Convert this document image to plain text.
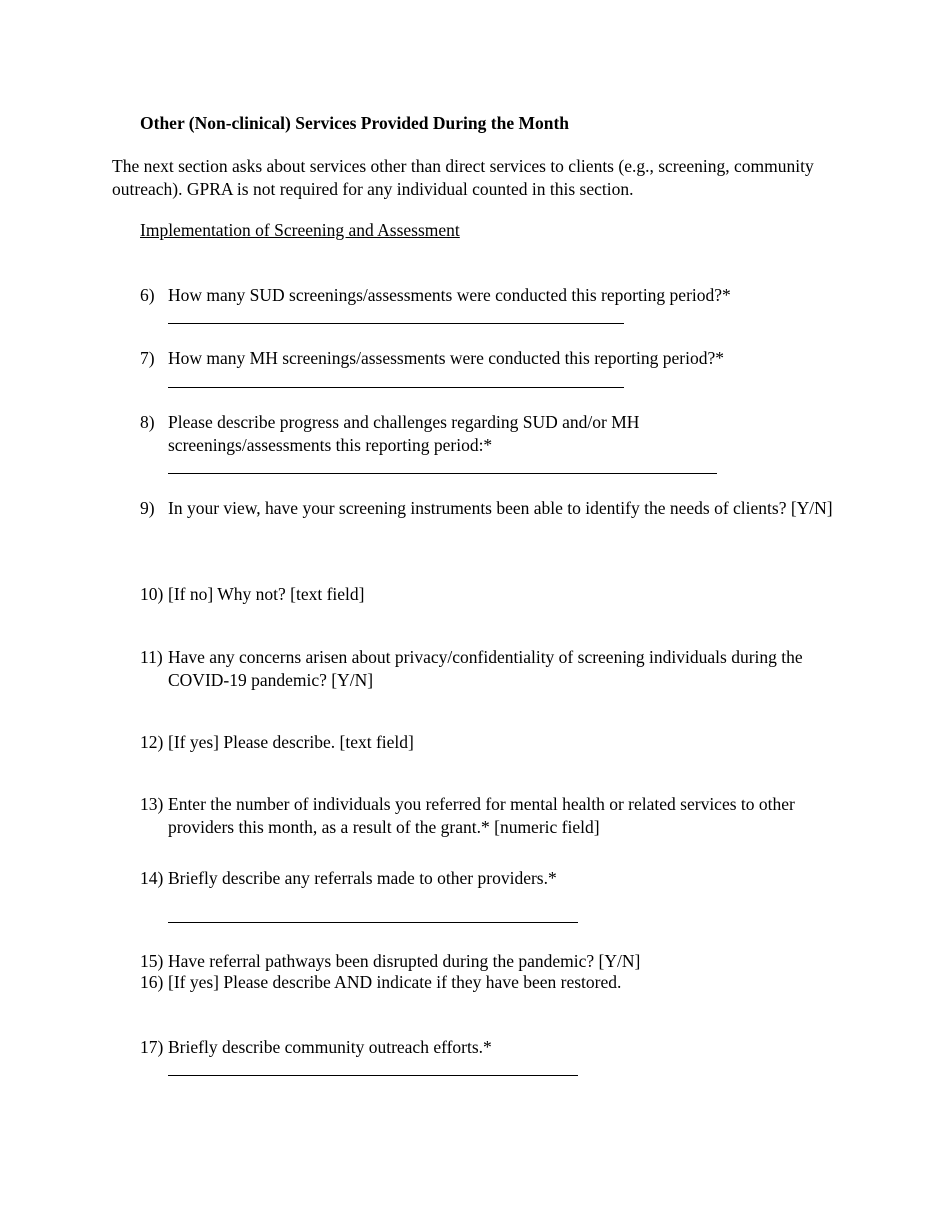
Other (Non-clinical) Services Provided During the Month
The next section asks about services other than direct services to clients (e.g., screening, community outreach). GPRA is not required for any individual counted in this section.
Implementation of Screening and Assessment
6) How many SUD screenings/assessments were conducted this reporting period?*
7) How many MH screenings/assessments were conducted this reporting period?*
8) Please describe progress and challenges regarding SUD and/or MH screenings/assessments this reporting period:*
9) In your view, have your screening instruments been able to identify the needs of clients? [Y/N]
10) [If no] Why not? [text field]
11) Have any concerns arisen about privacy/confidentiality of screening individuals during the COVID-19 pandemic? [Y/N]
12) [If yes] Please describe. [text field]
13) Enter the number of individuals you referred for mental health or related services to other providers this month, as a result of the grant.* [numeric field]
14) Briefly describe any referrals made to other providers.*
15) Have referral pathways been disrupted during the pandemic? [Y/N]
16) [If yes] Please describe AND indicate if they have been restored.
17) Briefly describe community outreach efforts.*
